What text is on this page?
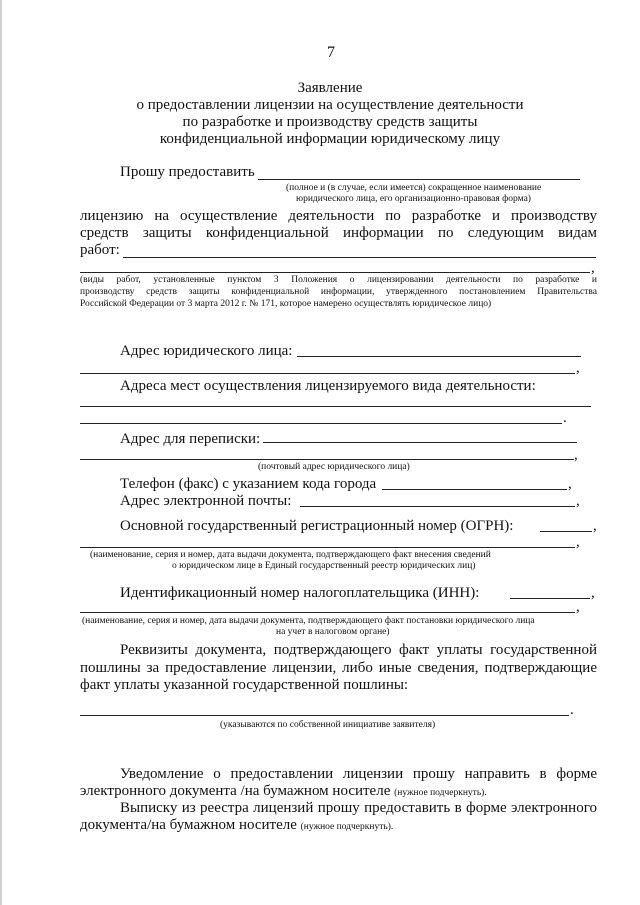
7
Заявление
о предоставлении лицензии на осуществление деятельности
по разработке и производству средств защиты
конфиденциальной информации юридическому лицу
Прошу предоставить
(полное и (в случае, если имеется) сокращенное наименование
юридического лица, его организационно-правовая форма)
лицензию на осуществление деятельности по разработке и производству
средств защиты конфиденциальной информации по следующим видам
работ:
,
(виды работ, установленные пунктом 3 Положения о лицензировании деятельности по разработке и
производству средств защиты конфиденциальной информации, утвержденного постановлением Правительства
Российской Федерации от 3 марта 2012 г. № 171, которое намерено осуществлять юридическое лицо)
Адрес юридического лица:
,
Адреса мест осуществления лицензируемого вида деятельности:
.
Адрес для переписки:
,
(почтовый адрес юридического лица)
Телефон (факс) с указанием кода города	,
Адрес электронной почты:	,
Основной государственный регистрационный номер (ОГРН):	,
,
(наименование, серия и номер, дата выдачи документа, подтверждающего факт внесения сведений
о юридическом лице в Единый государственный реестр юридических лиц)
Идентификационный номер налогоплательщика (ИНН):	,
,
(наименование, серия и номер, дата выдачи документа, подтверждающего факт постановки юридического лица
на учет в налоговом органе)
Реквизиты документа, подтверждающего факт уплаты государственной
пошлины за предоставление лицензии, либо иные сведения, подтверждающие
факт уплаты указанной государственной пошлины:
.
(указываются по собственной инициативе заявителя)
Уведомление о предоставлении лицензии прошу направить в форме
электронного документа /на бумажном носителе (нужное подчеркнуть).
Выписку из реестра лицензий прошу предоставить в форме электронного
документа/на бумажном носителе (нужное подчеркнуть).
